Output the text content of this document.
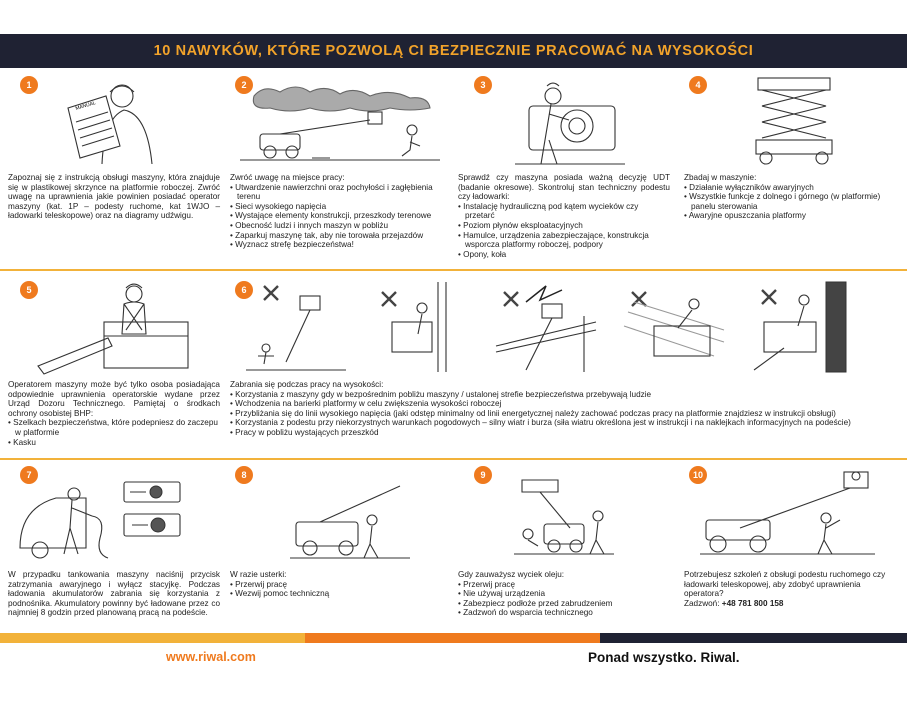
10 NAWYKÓW, KTÓRE POZWOLĄ CI BEZPIECZNIE PRACOWAĆ NA WYSOKOŚCI
1
MANUAL

Zapoznaj się z instrukcją obsługi maszyny, która znajduje się w plastikowej skrzynce na platformie roboczej. Zwróć uwagę na uprawnienia jakie powinien posiadać operator maszyny (kat. 1P – podesty ruchome, kat 1WJO – ładowarki teleskopowe) oraz na diagramy udźwigu.

2

Zwróć uwagę na miejsce pracy:

• Utwardzenie nawierzchni oraz pochyłości i zagłębienia terenu
• Sieci wysokiego napięcia
• Wystające elementy konstrukcji, przeszkody terenowe
• Obecność ludzi i innych maszyn w pobliżu
• Zaparkuj maszynę tak, aby nie torowała przejazdów
• Wyznacz strefę bezpieczeństwa!
3

Sprawdź czy maszyna posiada ważną decyzję UDT (badanie okresowe). Skontroluj stan techniczny podestu czy ładowarki:

• Instalację hydrauliczną pod kątem wycieków czy przetarć
• Poziom płynów eksploatacyjnych
• Hamulce, urządzenia zabezpieczające, konstrukcja wsporcza platformy roboczej, podpory
• Opony, koła
4

Zbadaj w maszynie:

• Działanie wyłączników awaryjnych
• Wszystkie funkcje z dolnego i górnego (w platformie) panelu sterowania
• Awaryjne opuszczania platformy
5

Operatorem maszyny może być tylko osoba posiadająca odpowiednie uprawnienia operatorskie wydane przez Urząd Dozoru Technicznego. Pamiętaj o środkach ochrony osobistej BHP:

• Szelkach bezpieczeństwa, które podepniesz do zaczepu w platformie
• Kasku
6

Zabrania się podczas pracy na wysokości:

• Korzystania z maszyny gdy w bezpośrednim pobliżu maszyny / ustalonej strefie bezpieczeństwa przebywają ludzie
• Wchodzenia na barierki platformy w celu zwiększenia wysokości roboczej
• Przybliżania się do linii wysokiego napięcia (jaki odstęp minimalny od linii energetycznej należy zachować podczas pracy na platformie znajdziesz w instrukcji obsługi)
• Korzystania z podestu przy niekorzystnych warunkach pogodowych – silny wiatr i burza (siła wiatru określona jest w instrukcji i na naklejkach informacyjnych na podeście)
• Pracy w pobliżu wystających przeszkód
7

W przypadku tankowania maszyny naciśnij przycisk zatrzymania awaryjnego i wyłącz stacyjkę. Podczas ładowania akumulatorów zabrania się korzystania z podnośnika. Akumulatory powinny być ładowane przez co najmniej 8 godzin przed planowaną pracą na podeście.

8

W razie usterki:

• Przerwij pracę
• Wezwij pomoc techniczną
9

Gdy zauważysz wyciek oleju:

• Przerwij pracę
• Nie używaj urządzenia
• Zabezpiecz podłoże przed zabrudzeniem
• Zadzwoń do wsparcia technicznego
10

Potrzebujesz szkoleń z obsługi podestu ruchomego czy ładowarki teleskopowej, aby zdobyć uprawnienia operatora?

Zadzwoń: +48 781 800 158

www.riwal.com	Ponad wszystko. Riwal.
